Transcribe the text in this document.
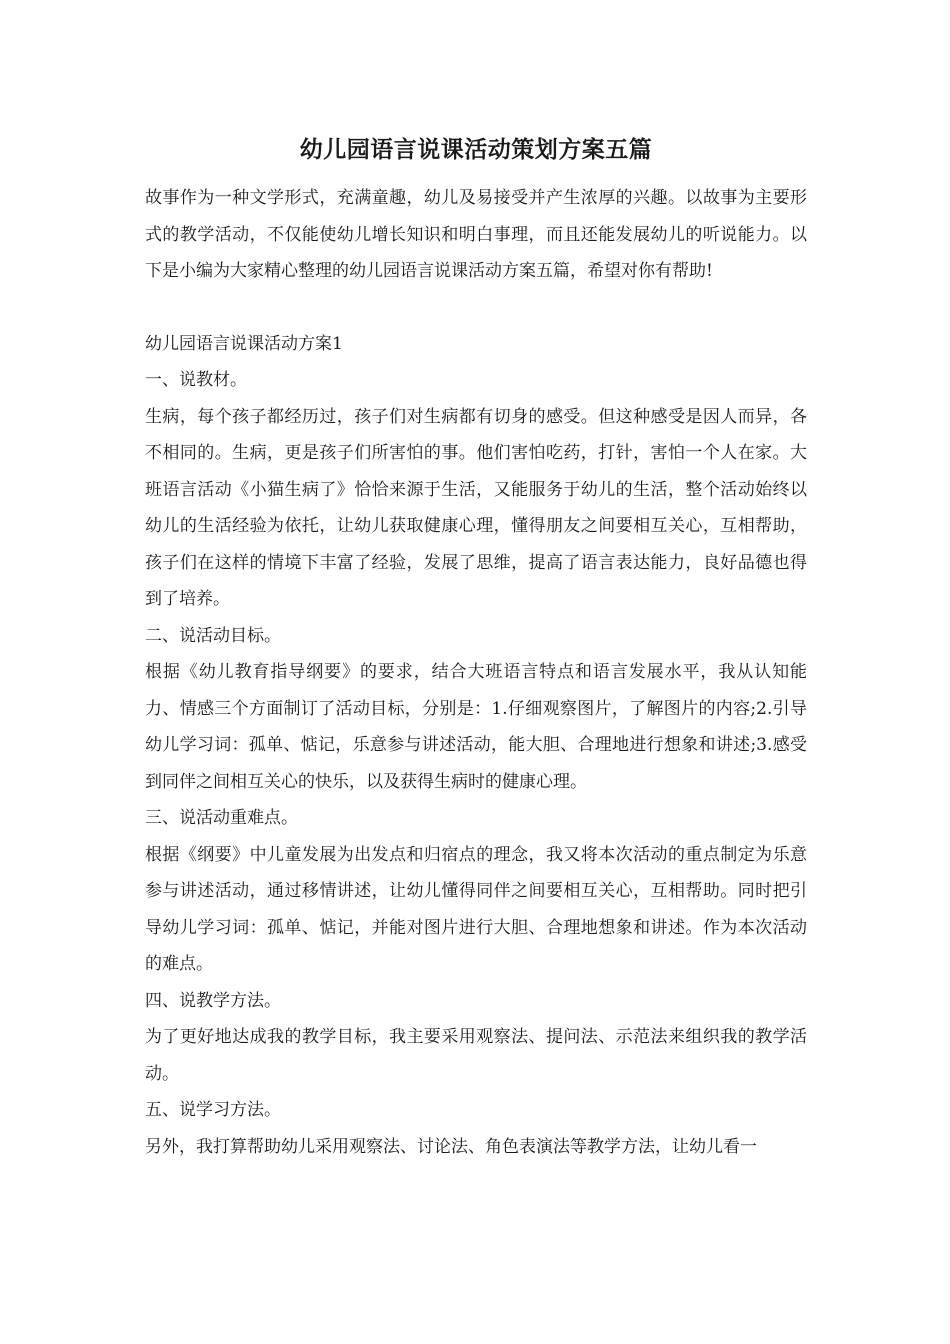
幼儿园语言说课活动策划方案五篇

故事作为一种文学形式，充满童趣，幼儿及易接受并产生浓厚的兴趣。以故事为主要形式的教学活动，不仅能使幼儿增长知识和明白事理，而且还能发展幼儿的听说能力。以下是小编为大家精心整理的幼儿园语言说课活动方案五篇，希望对你有帮助!

幼儿园语言说课活动方案1

一、说教材。

生病，每个孩子都经历过，孩子们对生病都有切身的感受。但这种感受是因人而异，各不相同的。生病，更是孩子们所害怕的事。他们害怕吃药，打针，害怕一个人在家。大班语言活动《小猫生病了》恰恰来源于生活，又能服务于幼儿的生活，整个活动始终以幼儿的生活经验为依托，让幼儿获取健康心理，懂得朋友之间要相互关心，互相帮助，孩子们在这样的情境下丰富了经验，发展了思维，提高了语言表达能力，良好品德也得到了培养。

二、说活动目标。

根据《幼儿教育指导纲要》的要求，结合大班语言特点和语言发展水平，我从认知能力、情感三个方面制订了活动目标，分别是：1.仔细观察图片，了解图片的内容;2.引导幼儿学习词：孤单、惦记，乐意参与讲述活动，能大胆、合理地进行想象和讲述;3.感受到同伴之间相互关心的快乐，以及获得生病时的健康心理。

三、说活动重难点。

根据《纲要》中儿童发展为出发点和归宿点的理念，我又将本次活动的重点制定为乐意参与讲述活动，通过移情讲述，让幼儿懂得同伴之间要相互关心，互相帮助。同时把引导幼儿学习词：孤单、惦记，并能对图片进行大胆、合理地想象和讲述。作为本次活动的难点。

四、说教学方法。

为了更好地达成我的教学目标，我主要采用观察法、提问法、示范法来组织我的教学活动。

五、说学习方法。

另外，我打算帮助幼儿采用观察法、讨论法、角色表演法等教学方法，让幼儿看一
